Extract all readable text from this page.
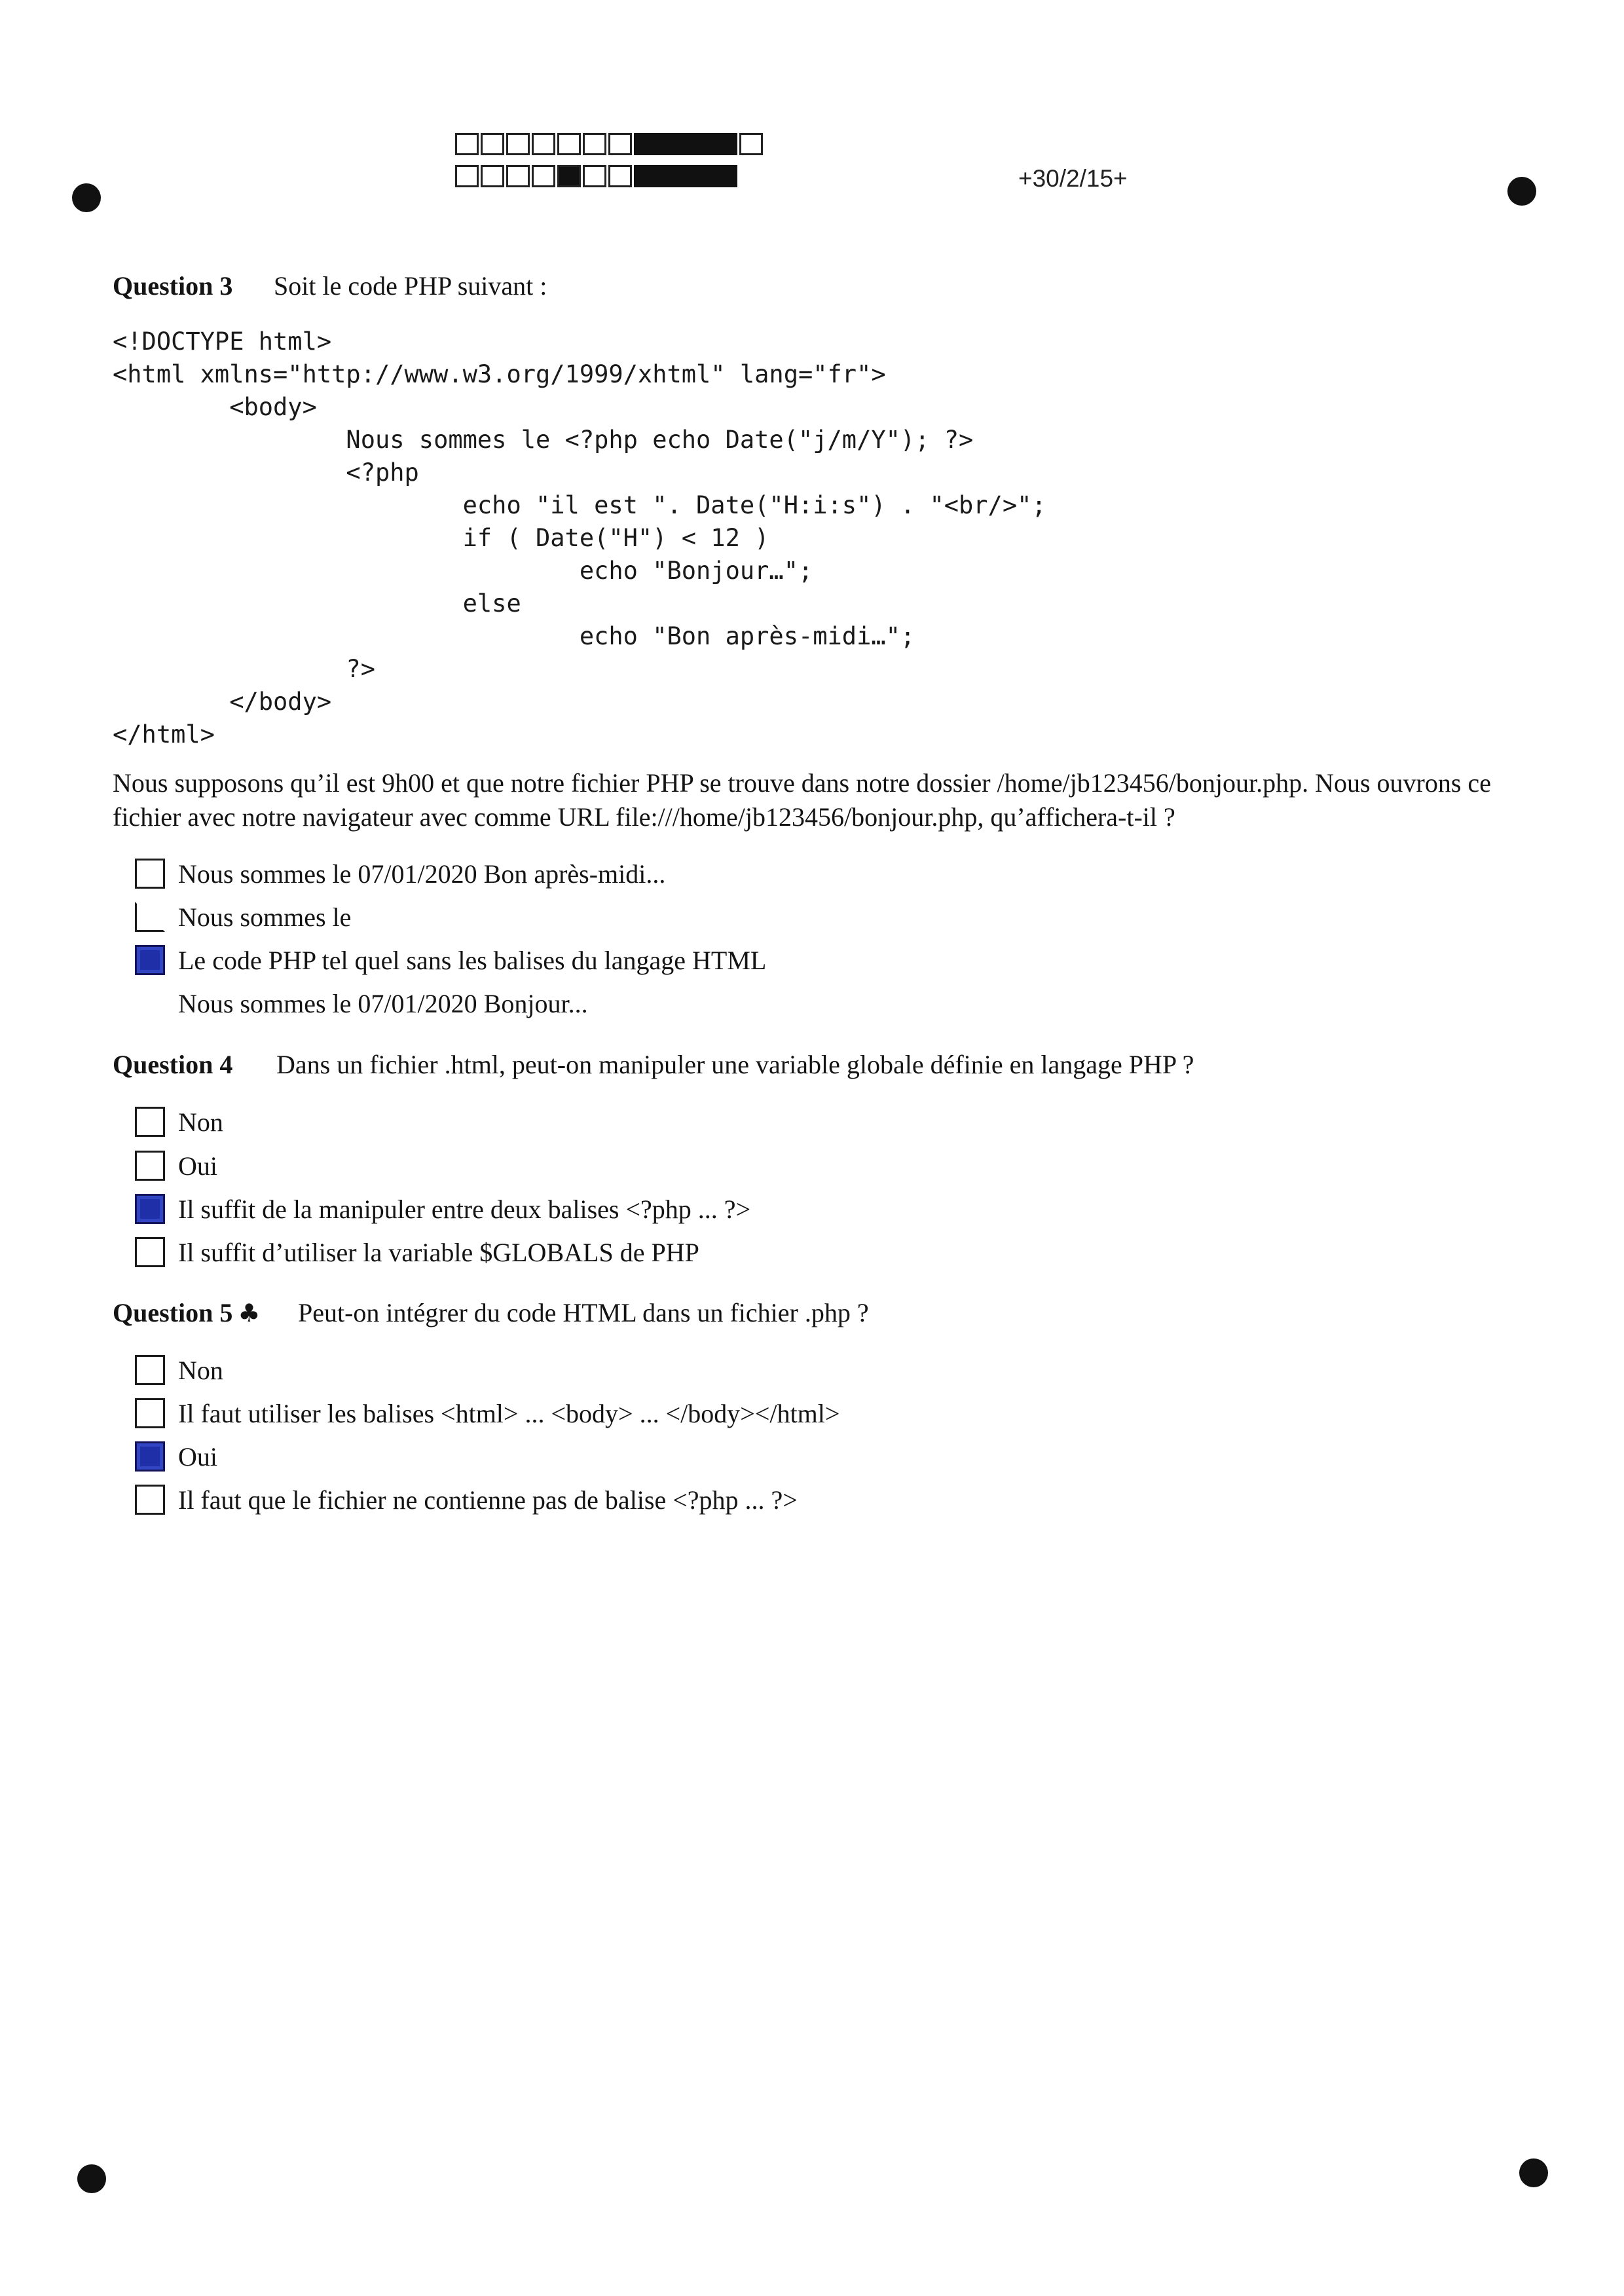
+30/2/15+
Question 3 Soit le code PHP suivant :
<!DOCTYPE html>
<html xmlns="http://www.w3.org/1999/xhtml" lang="fr">
<body>
Nous sommes le <?php echo Date("j/m/Y"); ?>
<?php
echo "il est ". Date("H:i:s") . "<br/>";
if ( Date("H") < 12 )
echo "Bonjour…";
else
echo "Bon après-midi…";
?>
</body>
</html>
Nous supposons qu’il est 9h00 et que notre fichier PHP se trouve dans notre dossier /home/jb123456/bonjour.php. Nous ouvrons ce fichier avec notre navigateur avec comme URL file:///home/jb123456/bonjour.php, qu’affichera-t-il ?
Nous sommes le 07/01/2020 Bon après-midi...
Nous sommes le
Le code PHP tel quel sans les balises du langage HTML
Nous sommes le 07/01/2020 Bonjour...
Question 4 Dans un fichier .html, peut-on manipuler une variable globale définie en langage PHP ?
Non
Oui
Il suffit de la manipuler entre deux balises <?php ... ?>
Il suffit d’utiliser la variable $GLOBALS de PHP
Question 5 ♣ Peut-on intégrer du code HTML dans un fichier .php ?
Non
Il faut utiliser les balises <html> ... <body> ... </body></html>
Oui
Il faut que le fichier ne contienne pas de balise <?php ... ?>
